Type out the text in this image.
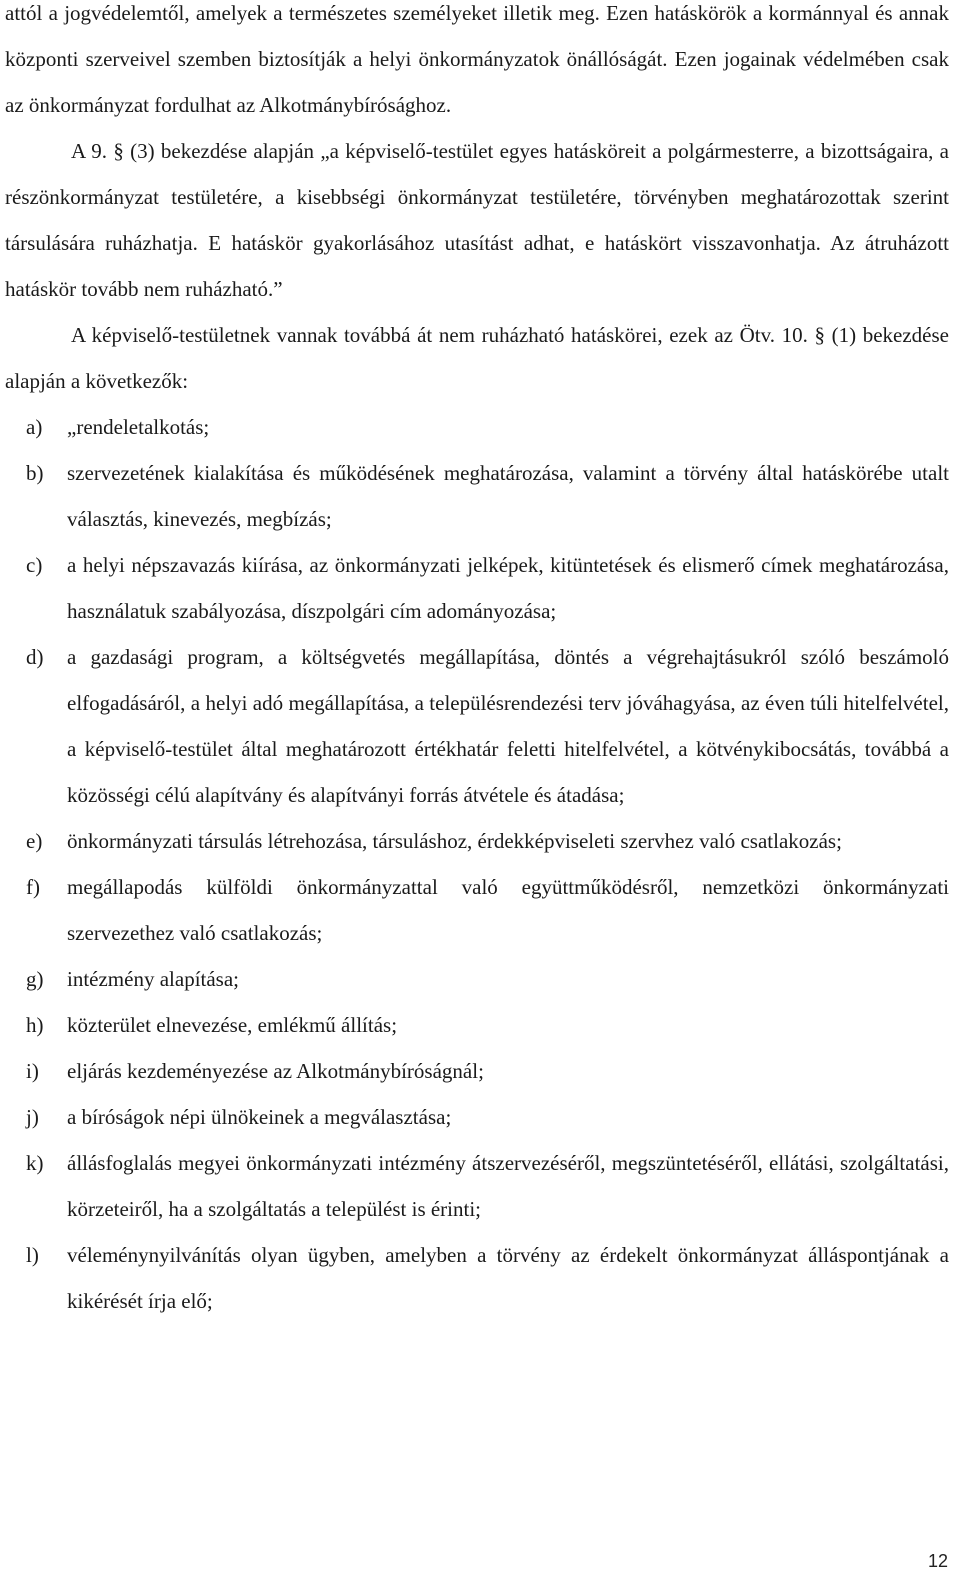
attól a jogvédelemtől, amelyek a természetes személyeket illetik meg. Ezen hatáskörök a kormánnyal és annak központi szerveivel szemben biztosítják a helyi önkormányzatok önállóságát. Ezen jogainak védelmében csak az önkormányzat fordulhat az Alkotmánybírósághoz.

A 9. § (3) bekezdése alapján „a képviselő-testület egyes hatásköreit a polgármesterre, a bizottságaira, a részönkormányzat testületére, a kisebbségi önkormányzat testületére, törvényben meghatározottak szerint társulására ruházhatja. E hatáskör gyakorlásához utasítást adhat, e hatáskört visszavonhatja. Az átruházott hatáskör tovább nem ruházható.”

A képviselő-testületnek vannak továbbá át nem ruházható hatáskörei, ezek az Ötv. 10. § (1) bekezdése alapján a következők:

a)	„rendeletalkotás;
b)	szervezetének kialakítása és működésének meghatározása, valamint a törvény által hatáskörébe utalt választás, kinevezés, megbízás;
c)	a helyi népszavazás kiírása, az önkormányzati jelképek, kitüntetések és elismerő címek meghatározása, használatuk szabályozása, díszpolgári cím adományozása;
d)	a gazdasági program, a költségvetés megállapítása, döntés a végrehajtásukról szóló beszámoló elfogadásáról, a helyi adó megállapítása, a településrendezési terv jóváhagyása, az éven túli hitelfelvétel, a képviselő-testület által meghatározott értékhatár feletti hitelfelvétel, a kötvénykibocsátás, továbbá a közösségi célú alapítvány és alapítványi forrás átvétele és átadása;
e)	önkormányzati társulás létrehozása, társuláshoz, érdekképviseleti szervhez való csatlakozás;
f)	megállapodás külföldi önkormányzattal való együttműködésről, nemzetközi önkormányzati szervezethez való csatlakozás;
g)	intézmény alapítása;
h)	közterület elnevezése, emlékmű állítás;
i)	eljárás kezdeményezése az Alkotmánybíróságnál;
j)	a bíróságok népi ülnökeinek a megválasztása;
k)	állásfoglalás megyei önkormányzati intézmény átszervezéséről, megszüntetéséről, ellátási, szolgáltatási, körzeteiről, ha a szolgáltatás a települést is érinti;
l)	véleménynyilvánítás olyan ügyben, amelyben a törvény az érdekelt önkormányzat álláspontjának a kikérését írja elő;
12
